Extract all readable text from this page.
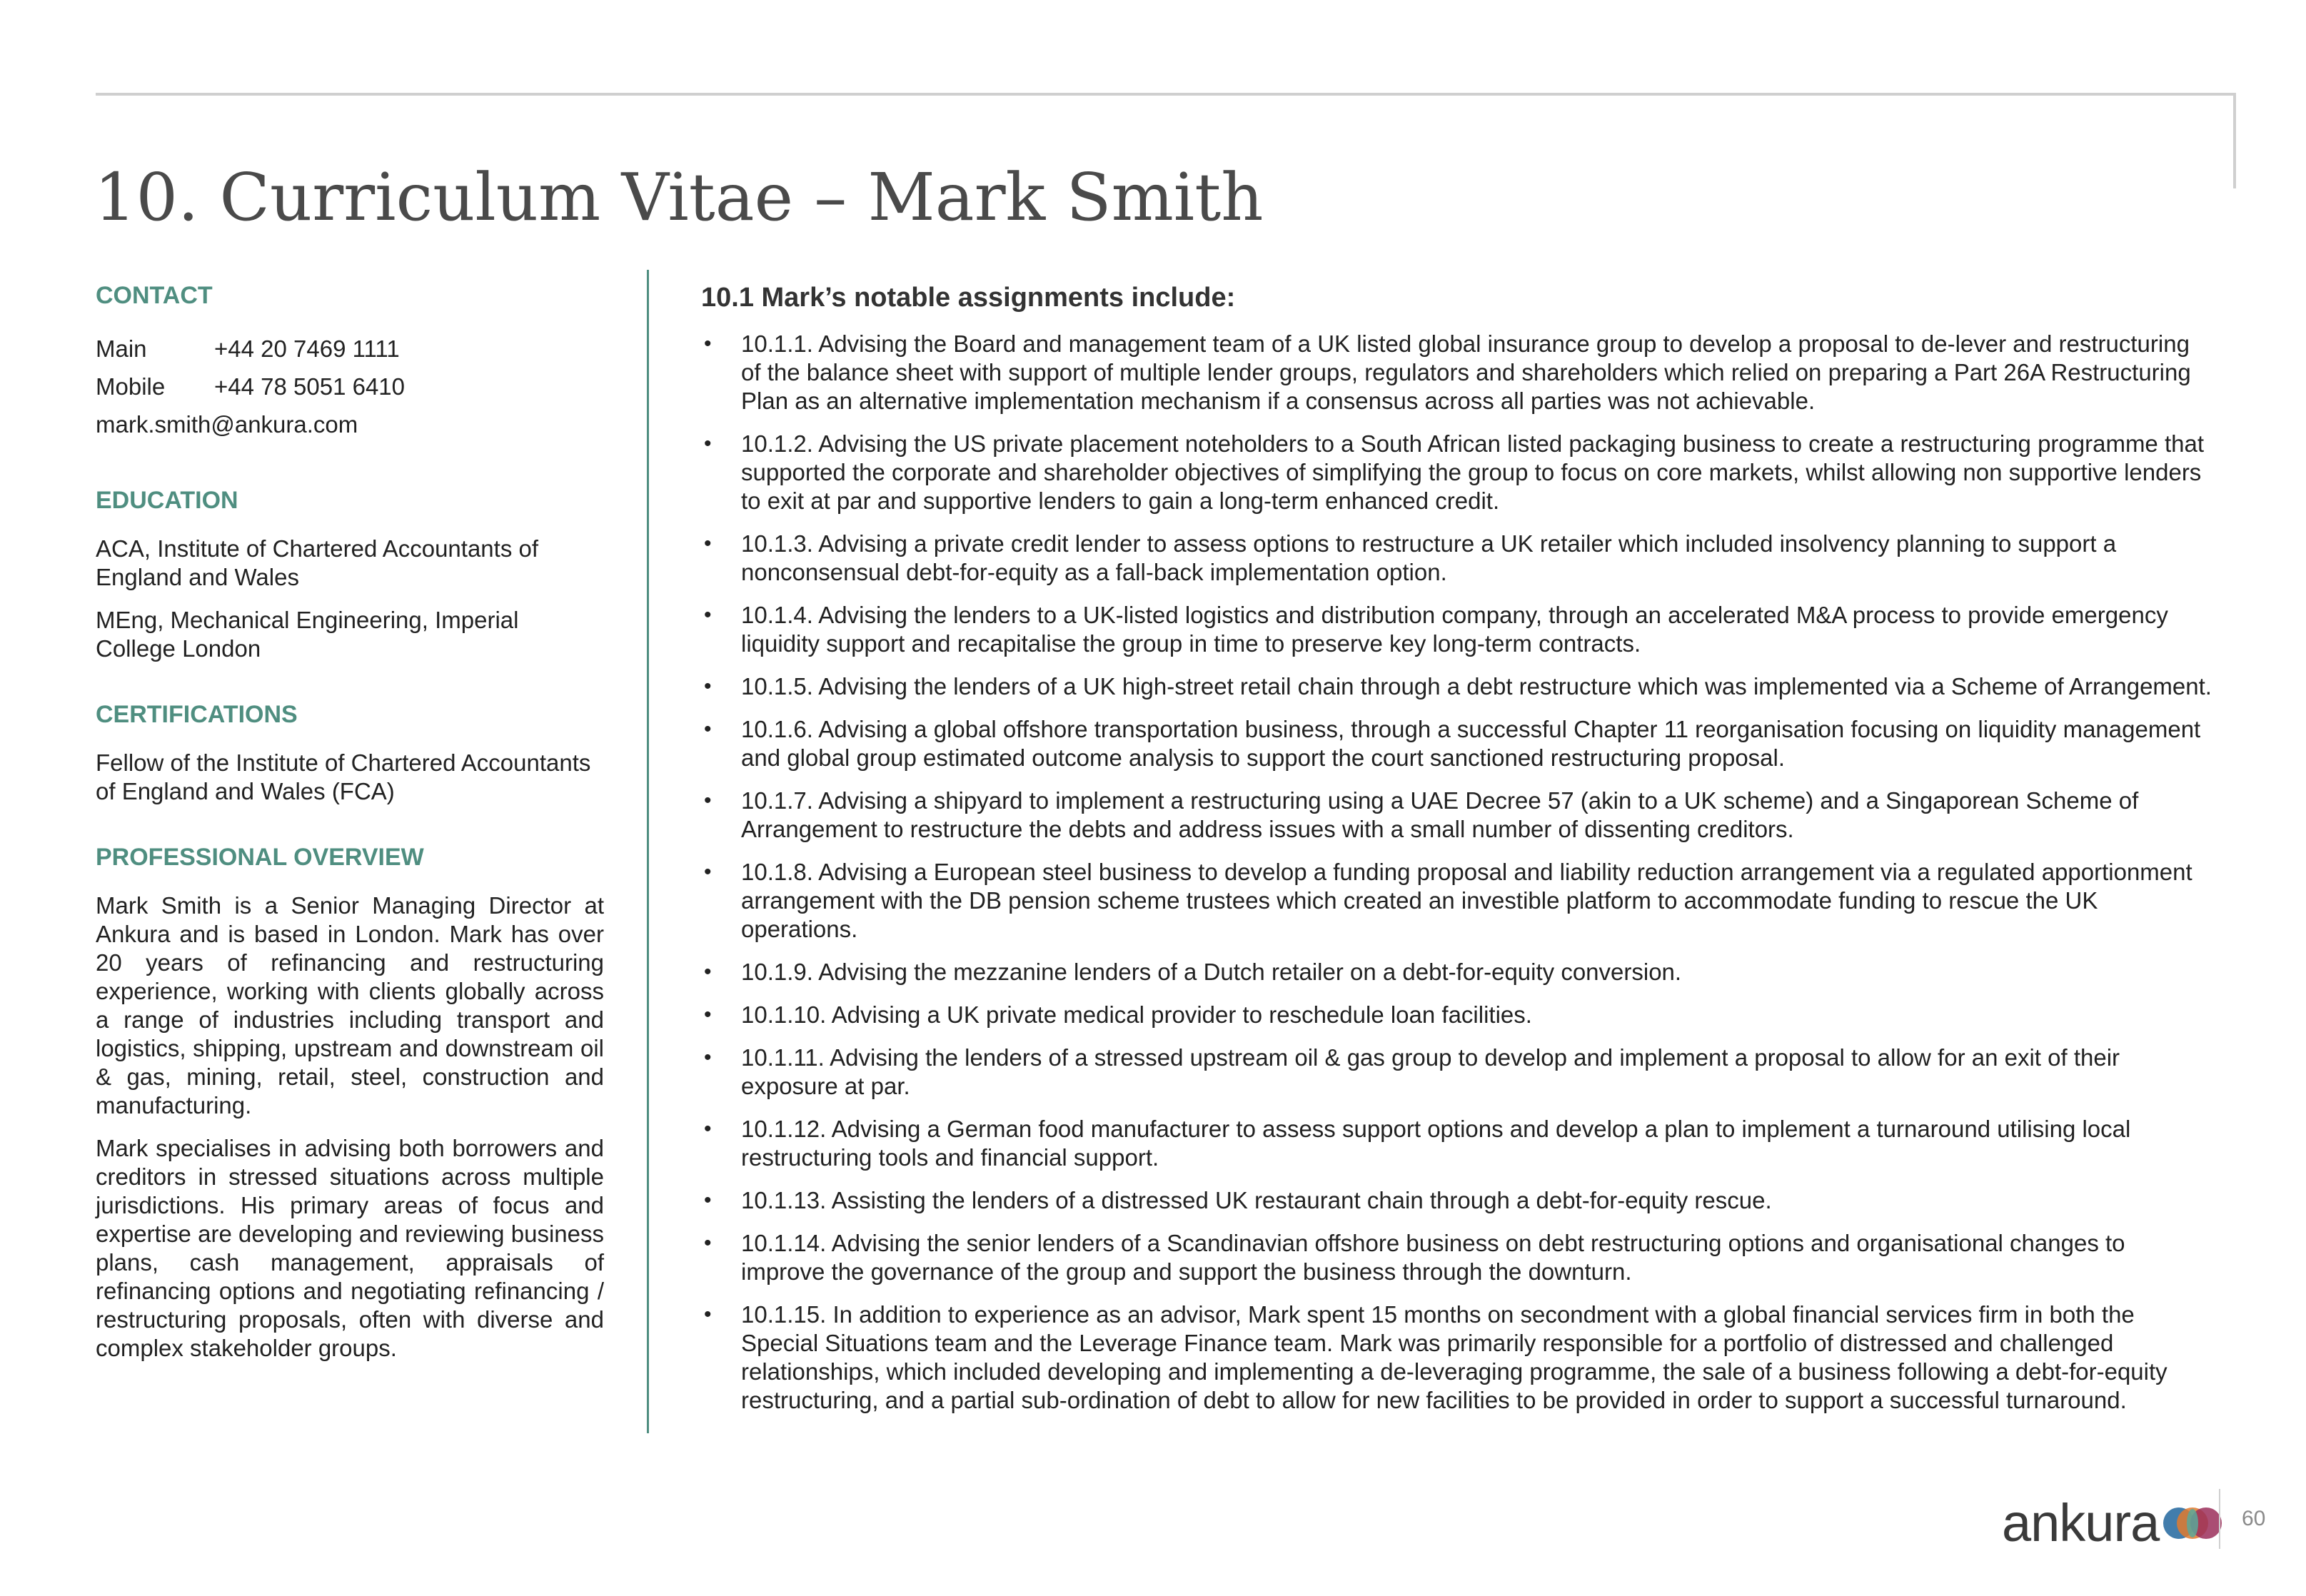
10. Curriculum Vitae – Mark Smith
CONTACT
Main	+44 20 7469 1111
Mobile	+44 78 5051 6410
mark.smith@ankura.com
EDUCATION

ACA, Institute of Chartered Accountants of England and Wales

MEng, Mechanical Engineering, Imperial College London

CERTIFICATIONS

Fellow of the Institute of Chartered Accountants of England and Wales (FCA)

PROFESSIONAL OVERVIEW

Mark Smith is a Senior Managing Director at Ankura and is based in London. Mark has over 20 years of refinancing and restructuring experience, working with clients globally across a range of industries including transport and logistics, shipping, upstream and downstream oil & gas, mining, retail, steel, construction and manufacturing.

Mark specialises in advising both borrowers and creditors in stressed situations across multiple jurisdictions. His primary areas of focus and expertise are developing and reviewing business plans, cash management, appraisals of refinancing options and negotiating refinancing / restructuring proposals, often with diverse and complex stakeholder groups.

10.1 Mark’s notable assignments include:
• 10.1.1. Advising the Board and management team of a UK listed global insurance group to develop a proposal to de-lever and restructuring of the balance sheet with support of multiple lender groups, regulators and shareholders which relied on preparing a Part 26A Restructuring Plan as an alternative implementation mechanism if a consensus across all parties was not achievable.
• 10.1.2. Advising the US private placement noteholders to a South African listed packaging business to create a restructuring programme that supported the corporate and shareholder objectives of simplifying the group to focus on core markets, whilst allowing non supportive lenders to exit at par and supportive lenders to gain a long-term enhanced credit.
• 10.1.3. Advising a private credit lender to assess options to restructure a UK retailer which included insolvency planning to support a nonconsensual debt-for-equity as a fall-back implementation option.
• 10.1.4. Advising the lenders to a UK-listed logistics and distribution company, through an accelerated M&A process to provide emergency liquidity support and recapitalise the group in time to preserve key long-term contracts.
• 10.1.5. Advising the lenders of a UK high-street retail chain through a debt restructure which was implemented via a Scheme of Arrangement.
• 10.1.6. Advising a global offshore transportation business, through a successful Chapter 11 reorganisation focusing on liquidity management and global group estimated outcome analysis to support the court sanctioned restructuring proposal.
• 10.1.7. Advising a shipyard to implement a restructuring using a UAE Decree 57 (akin to a UK scheme) and a Singaporean Scheme of Arrangement to restructure the debts and address issues with a small number of dissenting creditors.
• 10.1.8. Advising a European steel business to develop a funding proposal and liability reduction arrangement via a regulated apportionment arrangement with the DB pension scheme trustees which created an investible platform to accommodate funding to rescue the UK operations.
• 10.1.9. Advising the mezzanine lenders of a Dutch retailer on a debt-for-equity conversion.
• 10.1.10. Advising a UK private medical provider to reschedule loan facilities.
• 10.1.11. Advising the lenders of a stressed upstream oil & gas group to develop and implement a proposal to allow for an exit of their exposure at par.
• 10.1.12. Advising a German food manufacturer to assess support options and develop a plan to implement a turnaround utilising local restructuring tools and financial support.
• 10.1.13. Assisting the lenders of a distressed UK restaurant chain through a debt-for-equity rescue.
• 10.1.14. Advising the senior lenders of a Scandinavian offshore business on debt restructuring options and organisational changes to improve the governance of the group and support the business through the downturn.
• 10.1.15. In addition to experience as an advisor, Mark spent 15 months on secondment with a global financial services firm in both the Special Situations team and the Leverage Finance team. Mark was primarily responsible for a portfolio of distressed and challenged relationships, which included developing and implementing a de-leveraging programme, the sale of a business following a debt-for-equity restructuring, and a partial sub-ordination of debt to allow for new facilities to be provided in order to support a successful turnaround.
ankura	60
